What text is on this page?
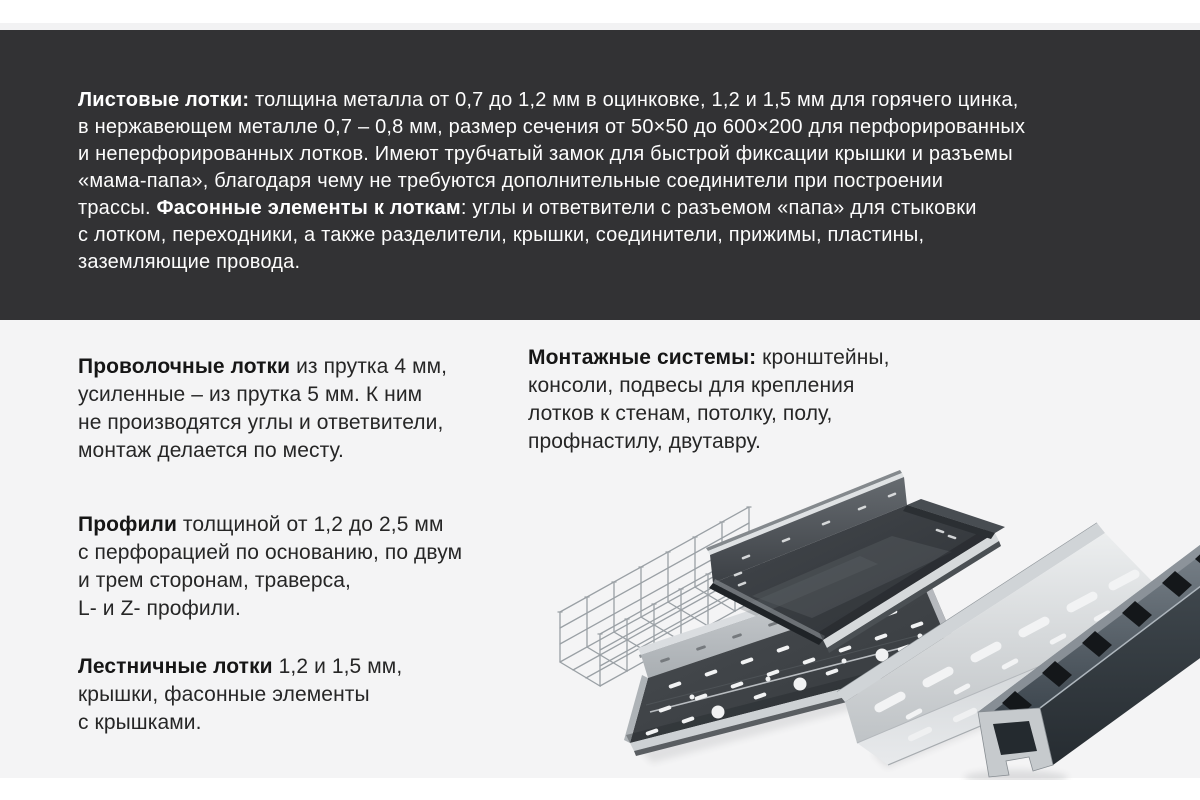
Листовые лотки: толщина металла от 0,7 до 1,2 мм в оцинковке, 1,2 и 1,5 мм для горячего цинка,
в нержавеющем металле 0,7 – 0,8 мм, размер сечения от 50×50 до 600×200 для перфорированных
и неперфорированных лотков. Имеют трубчатый замок для быстрой фиксации крышки и разъемы
«мама-папа», благодаря чему не требуются дополнительные соединители при построении
трассы. Фасонные элементы к лоткам: углы и ответвители с разъемом «папа» для стыковки
с лотком, переходники, а также разделители, крышки, соединители, прижимы, пластины,
заземляющие провода.

Проволочные лотки из прутка 4 мм,
усиленные – из прутка 5 мм. К ним
не производятся углы и ответвители,
монтаж делается по месту.

Профили толщиной от 1,2 до 2,5 мм
с перфорацией по основанию, по двум
и трем сторонам, траверса,
L- и Z- профили.

Лестничные лотки 1,2 и 1,5 мм,
крышки, фасонные элементы
с крышками.

Монтажные системы: кронштейны,
консоли, подвесы для крепления
лотков к стенам, потолку, полу,
профнастилу, двутавру.
